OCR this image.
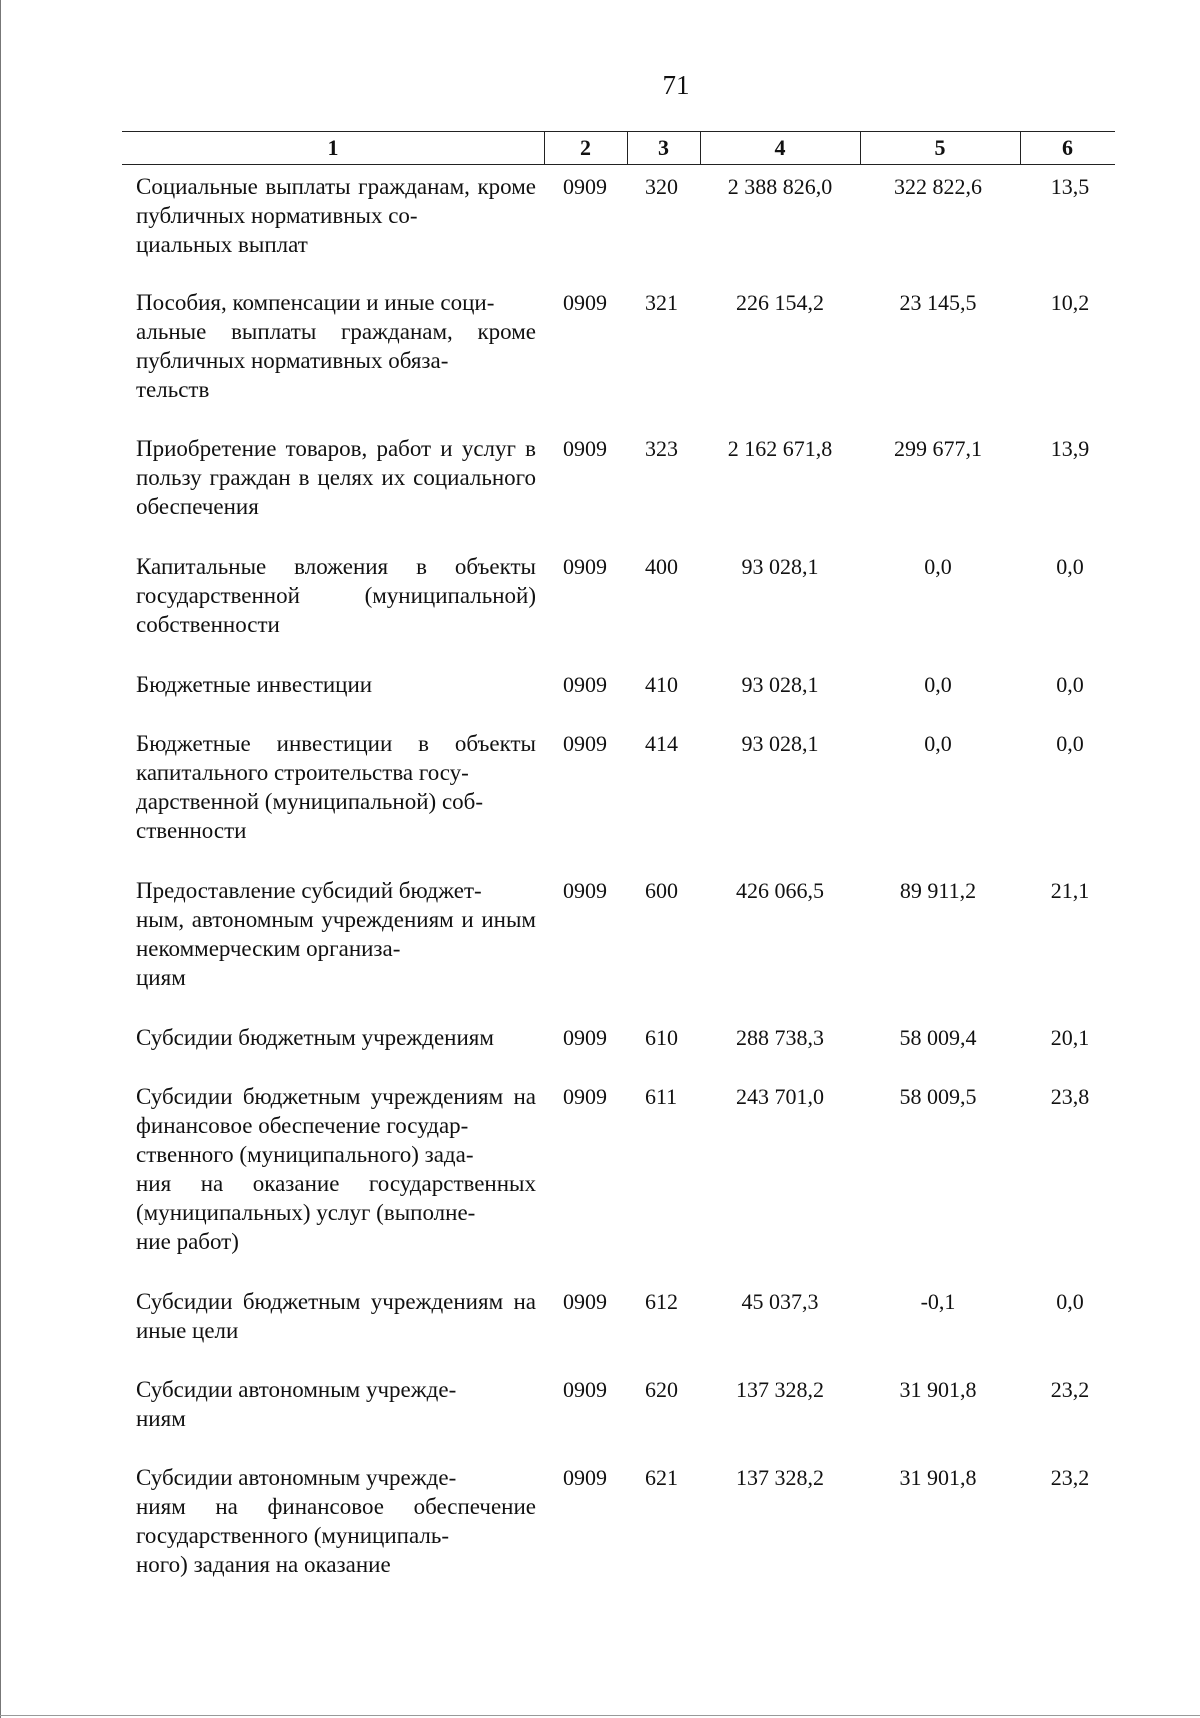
71
1	2	3	4	5	6
Социальные выплаты гражданам, кроме публичных нормативных со-
циальных выплат
0909 320	2 388 826,0	322 822,6	13,5
Пособия, компенсации и иные соци-
альные выплаты гражданам, кроме публичных нормативных обяза-
тельств
0909 321	226 154,2	23 145,5	10,2
Приобретение товаров, работ и услуг в пользу граждан в целях их социального обеспечения
0909 323	2 162 671,8	299 677,1	13,9
Капитальные вложения в объекты государственной (муниципальной) собственности
0909 400	93 028,1	0,0	0,0
Бюджетные инвестиции	0909 410	93 028,1	0,0	0,0
Бюджетные инвестиции в объекты капитального строительства госу-
дарственной (муниципальной) соб-
ственности
0909 414	93 028,1	0,0	0,0
Предоставление субсидий бюджет-
ным, автономным учреждениям и иным некоммерческим организа-
циям
0909 600	426 066,5	89 911,2	21,1
Субсидии бюджетным учреждениям	0909 610	288 738,3	58 009,4	20,1
Субсидии бюджетным учреждениям на финансовое обеспечение государ-
ственного (муниципального) зада-
ния на оказание государственных (муниципальных) услуг (выполне-
ние работ)
0909 611	243 701,0	58 009,5	23,8
Субсидии бюджетным учреждениям на иные цели
0909 612	45 037,3	-0,1	0,0
Субсидии автономным учрежде-
ниям
0909 620	137 328,2	31 901,8	23,2
Субсидии автономным учрежде-
ниям на финансовое обеспечение государственного (муниципаль-
ного) задания на оказание
0909 621	137 328,2	31 901,8	23,2
